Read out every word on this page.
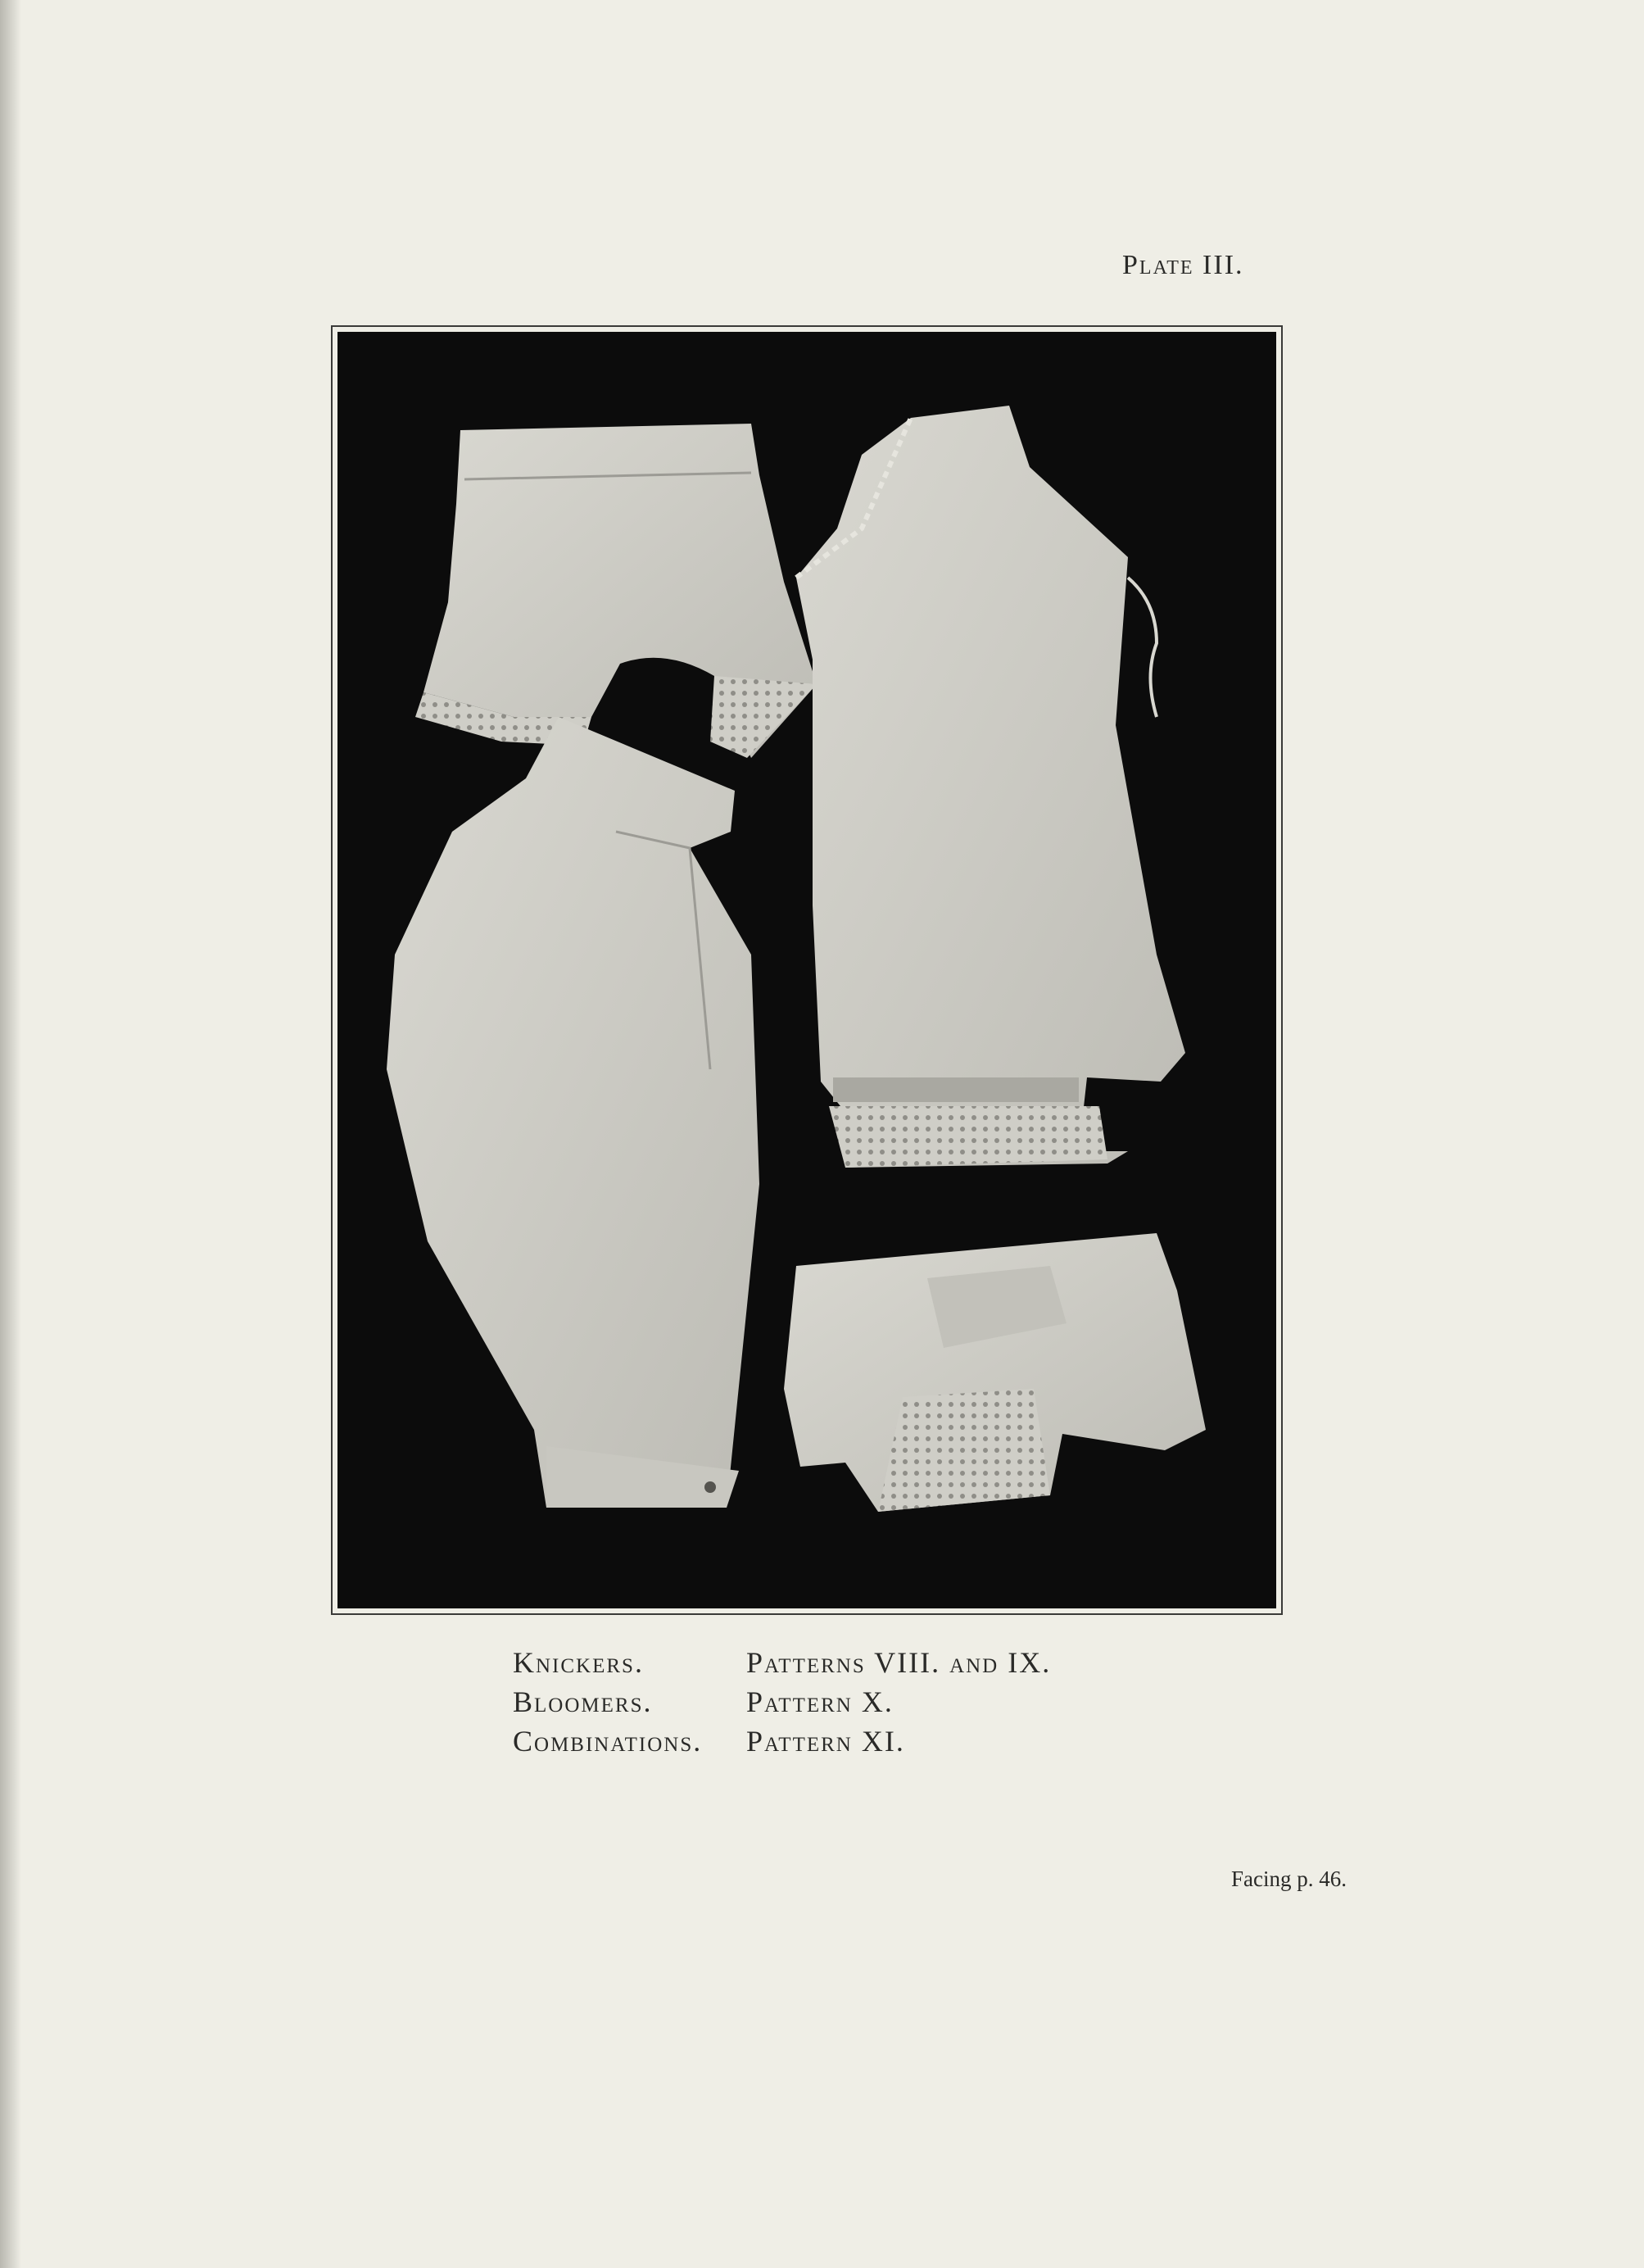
Plate III.
Knickers.	Patterns VIII. and IX.
Bloomers.	Pattern X.
Combinations.	Pattern XI.
Facing p. 46.
